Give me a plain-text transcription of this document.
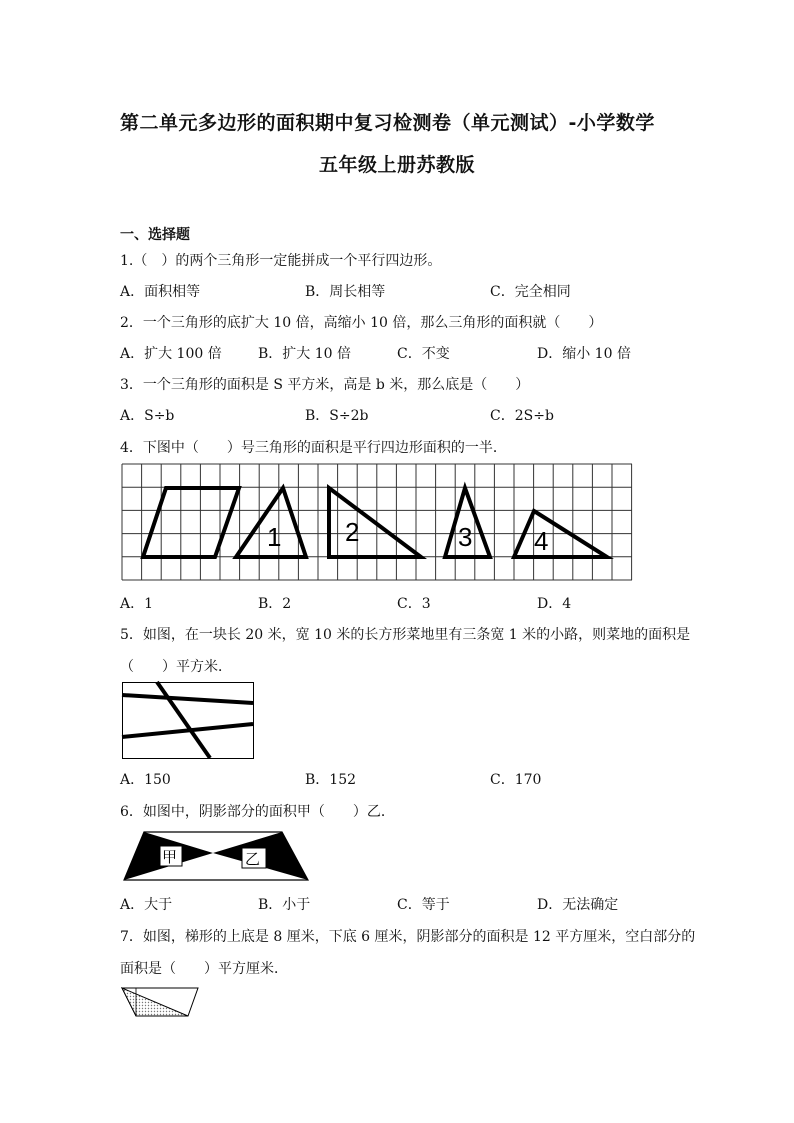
第二单元多边形的面积期中复习检测卷（单元测试）-小学数学
五年级上册苏教版
一、选择题
1.（　）的两个三角形一定能拼成一个平行四边形。
A．面积相等	B．周长相等	C．完全相同
2．一个三角形的底扩大 10 倍，高缩小 10 倍，那么三角形的面积就（　　）
A．扩大 100 倍	B．扩大 10 倍	C．不变	D．缩小 10 倍
3．一个三角形的面积是 S 平方米，高是 b 米，那么底是（　　）
A．S÷b	B．S÷2b	C．2S÷b
4．下图中（　　）号三角形的面积是平行四边形面积的一半．
1 2	3 4
A．1	B．2	C．3	D．4
5．如图，在一块长 20 米，宽 10 米的长方形菜地里有三条宽 1 米的小路，则菜地的面积是
（　　）平方米．
A．150	B．152	C．170
6．如图中，阴影部分的面积甲（　　）乙．
甲	乙
A．大于	B．小于	C．等于	D．无法确定
7．如图，梯形的上底是 8 厘米，下底 6 厘米，阴影部分的面积是 12 平方厘米，空白部分的
面积是（　　）平方厘米．
